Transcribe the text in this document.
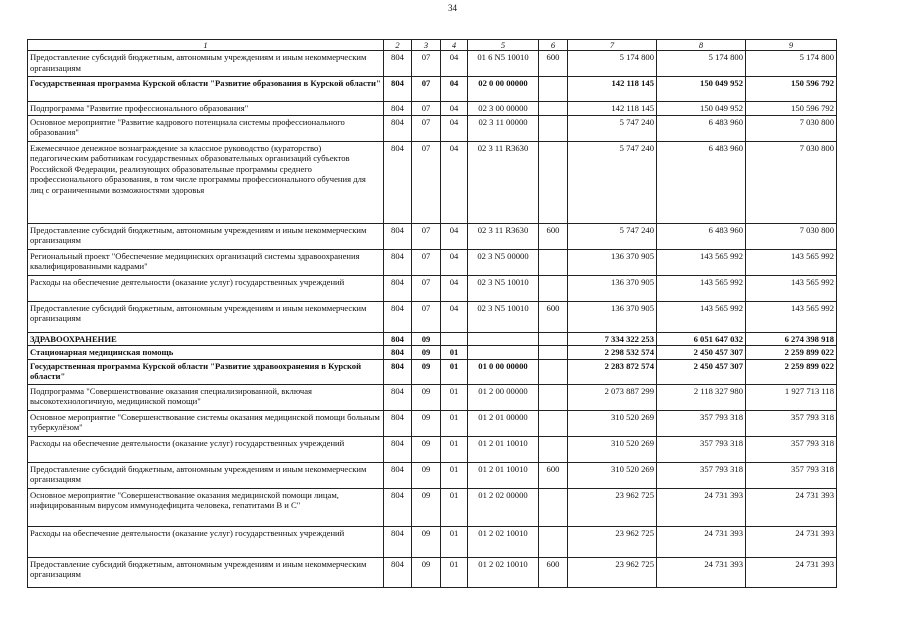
34
1	2	3	4	5	6	7	8	9
Предоставление субсидий бюджетным, автономным учреждениям и иным некоммерческим организациям	804	07	04	01 6 N5 10010	600	5 174 800	5 174 800	5 174 800
Государственная программа Курской области "Развитие образования в Курской области"	804	07	04	02 0 00 00000		142 118 145	150 049 952	150 596 792
Подпрограмма "Развитие профессионального образования"	804	07	04	02 3 00 00000		142 118 145	150 049 952	150 596 792
Основное мероприятие "Развитие кадрового потенциала системы профессионального образования"	804	07	04	02 3 11 00000		5 747 240	6 483 960	7 030 800
Ежемесячное денежное вознаграждение за классное руководство (кураторство) педагогическим работникам государственных образовательных организаций субъектов Российской Федерации, реализующих образовательные программы среднего профессионального образования, в том числе программы профессионального обучения для лиц с ограниченными возможностями здоровья	804	07	04	02 3 11 R3630		5 747 240	6 483 960	7 030 800
Предоставление субсидий бюджетным, автономным учреждениям и иным некоммерческим организациям	804	07	04	02 3 11 R3630	600	5 747 240	6 483 960	7 030 800
Региональный проект "Обеспечение медицинских организаций системы здравоохранения квалифицированными кадрами"	804	07	04	02 3 N5 00000		136 370 905	143 565 992	143 565 992
Расходы на обеспечение деятельности (оказание услуг) государственных учреждений	804	07	04	02 3 N5 10010		136 370 905	143 565 992	143 565 992
Предоставление субсидий бюджетным, автономным учреждениям и иным некоммерческим организациям	804	07	04	02 3 N5 10010	600	136 370 905	143 565 992	143 565 992
ЗДРАВООХРАНЕНИЕ	804	09				7 334 322 253	6 051 647 032	6 274 398 918
Стационарная медицинская помощь	804	09	01			2 298 532 574	2 450 457 307	2 259 899 022
Государственная программа Курской области "Развитие здравоохранения в Курской области"	804	09	01	01 0 00 00000		2 283 872 574	2 450 457 307	2 259 899 022
Подпрограмма "Совершенствование оказания специализированной, включая высокотехнологичную, медицинской помощи"	804	09	01	01 2 00 00000		2 073 887 299	2 118 327 980	1 927 713 118
Основное мероприятие "Совершенствование системы оказания медицинской помощи больным туберкулёзом"	804	09	01	01 2 01 00000		310 520 269	357 793 318	357 793 318
Расходы на обеспечение деятельности (оказание услуг) государственных учреждений	804	09	01	01 2 01 10010		310 520 269	357 793 318	357 793 318
Предоставление субсидий бюджетным, автономным учреждениям и иным некоммерческим организациям	804	09	01	01 2 01 10010	600	310 520 269	357 793 318	357 793 318
Основное мероприятие "Совершенствование оказания медицинской помощи лицам, инфицированным вирусом иммунодефицита человека, гепатитами В и С"	804	09	01	01 2 02 00000		23 962 725	24 731 393	24 731 393
Расходы на обеспечение деятельности (оказание услуг) государственных учреждений	804	09	01	01 2 02 10010		23 962 725	24 731 393	24 731 393
Предоставление субсидий бюджетным, автономным учреждениям и иным некоммерческим организациям	804	09	01	01 2 02 10010	600	23 962 725	24 731 393	24 731 393
